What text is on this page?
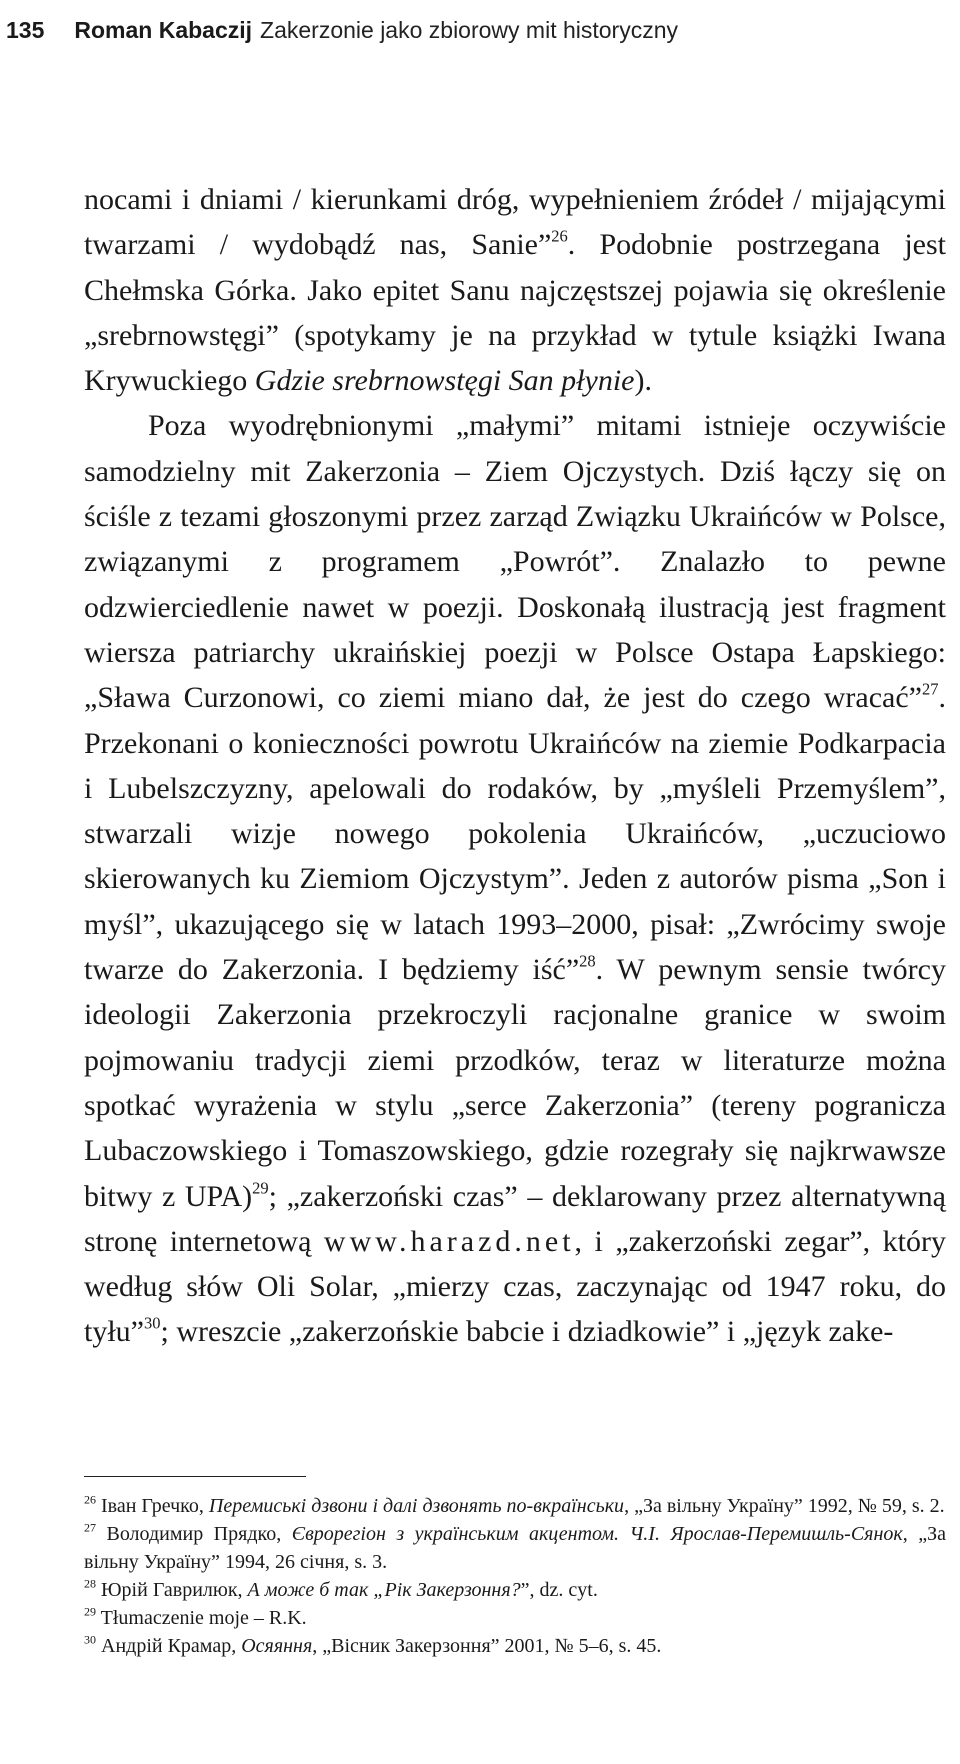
135 Roman Kabaczij Zakerzonie jako zbiorowy mit historyczny

nocami i dniami / kierunkami dróg, wypełnieniem źródeł / mijającymi twarzami / wydobądź nas, Sanie”$^{26}$. Podobnie postrzegana jest Chełmska Górka. Jako epitet Sanu najczęstszej pojawia się określenie „srebrnowstęgi” (spotykamy je na przykład w tytule książki Iwana Krywuckiego Gdzie srebrnowstęgi San płynie).

Poza wyodrębnionymi „małymi” mitami istnieje oczywiście samodzielny mit Zakerzonia – Ziem Ojczystych. Dziś łączy się on ściśle z tezami głoszonymi przez zarząd Związku Ukraińców w Polsce, związanymi z programem „Powrót”. Znalazło to pewne odzwierciedlenie nawet w poezji. Doskonałą ilustracją jest fragment wiersza patriarchy ukraińskiej poezji w Polsce Ostapa Łapskiego: „Sława Curzonowi, co ziemi miano dał, że jest do czego wracać”$^{27}$. Przekonani o konieczności powrotu Ukraińców na ziemie Podkarpacia i Lubelszczyzny, apelowali do rodaków, by „myśleli Przemyślem”, stwarzali wizje nowego pokolenia Ukraińców, „uczuciowo skierowanych ku Ziemiom Ojczystym”. Jeden z autorów pisma „Son i myśl”, ukazującego się w latach 1993–2000, pisał: „Zwrócimy swoje twarze do Zakerzonia. I będziemy iść”$^{28}$. W pewnym sensie twórcy ideologii Zakerzonia przekroczyli racjonalne granice w swoim pojmowaniu tradycji ziemi przodków, teraz w literaturze można spotkać wyrażenia w stylu „serce Zakerzonia” (tereny pogranicza Lubaczowskiego i Tomaszowskiego, gdzie rozegrały się najkrwawsze bitwy z UPA)$^{29}$; „zakerzoński czas” – deklarowany przez alternatywną stronę internetową www.harazd.net, i „zakerzoński zegar”, który według słów Oli Solar, „mierzy czas, zaczynając od 1947 roku, do tyłu”$^{30}$; wreszcie „zakerzońskie babcie i dziadkowie” i „język zake-

$^{26}$ Іван Гречко, Перемиські дзвони і далі дзвонять по-вкраїнськи, „За вільну Україну” 1992, № 59, s. 2.

$^{27}$ Володимир Прядко, Єврорегіон з українським акцентом. Ч.І. Ярослав-Перемишль-Сянок, „За вільну Україну” 1994, 26 січня, s. 3.

$^{28}$ Юрій Гаврилюк, А може б так „Рік Закерзоння?”, dz. cyt.

$^{29}$ Tłumaczenie moje – R.K.

$^{30}$ Андрій Крамар, Осяяння, „Вісник Закерзоння” 2001, № 5–6, s. 45.
